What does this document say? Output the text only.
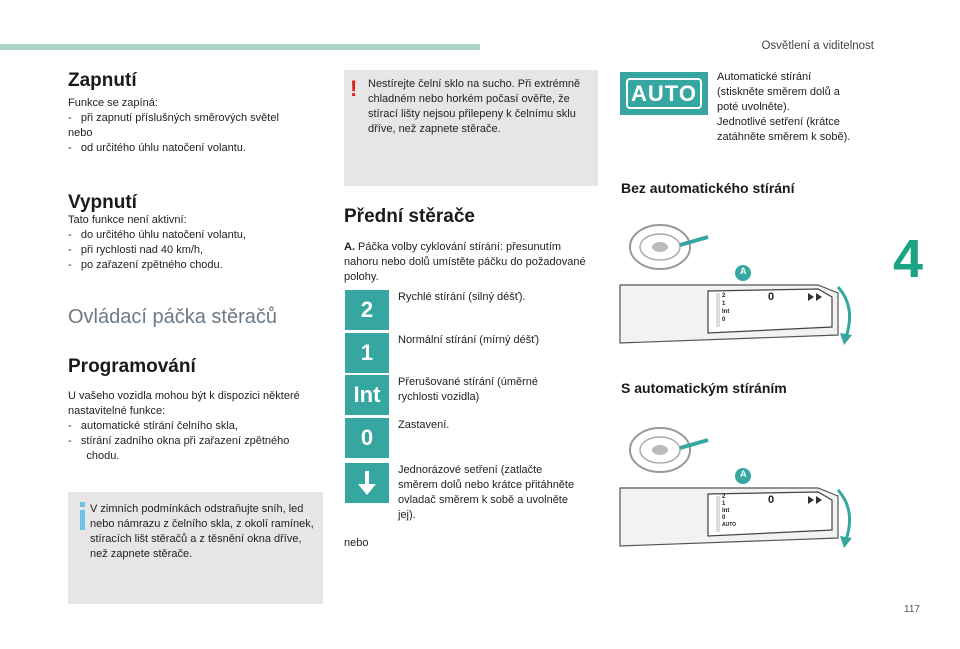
Osvětlení a viditelnost
4
117
Zapnutí
Funkce se zapíná:
-   při zapnutí příslušných směrových světel
nebo
-   od určitého úhlu natočení volantu.
Vypnutí
Tato funkce není aktivní:
-   do určitého úhlu natočení volantu,
-   při rychlosti nad 40 km/h,
-   po zařazení zpětného chodu.
Ovládací páčka stěračů
Programování
U vašeho vozidla mohou být k dispozici některé nastavitelné funkce:
-   automatické stírání čelního skla,
-   stírání zadního okna při zařazení zpětného
chodu.
V zimních podmínkách odstraňujte sníh, led nebo námrazu z čelního skla, z okolí ramínek, stíracích lišt stěračů a z těsnění okna dříve, než zapnete stěrače.
! Nestírejte čelní sklo na sucho. Při extrémně chladném nebo horkém počasí ověřte, že stírací lišty nejsou přilepeny k čelnímu sklu dříve, než zapnete stěrače.
Přední stěrače
A. Páčka volby cyklování stírání: přesunutím nahoru nebo dolů umístěte páčku do požadované polohy.
2	Rychlé stírání (silný déšť).
1	Normální stírání (mírný déšť)
Int	Přerušované stírání (úměrné
rychlosti vozidla)
0	Zastavení.
Jednorázové setření (zatlačte
směrem dolů nebo krátce přitáhněte
ovladač směrem k sobě a uvolněte
jej).
nebo
AUTO
Automatické stírání
(stiskněte směrem dolů a
poté uvolněte).
Jednotlivé setření (krátce
zatáhněte směrem k sobě).
Bez automatického stírání
A
2
1
Int
0
0
S automatickým stíráním
A
2
1
Int
0
AUTO
0
